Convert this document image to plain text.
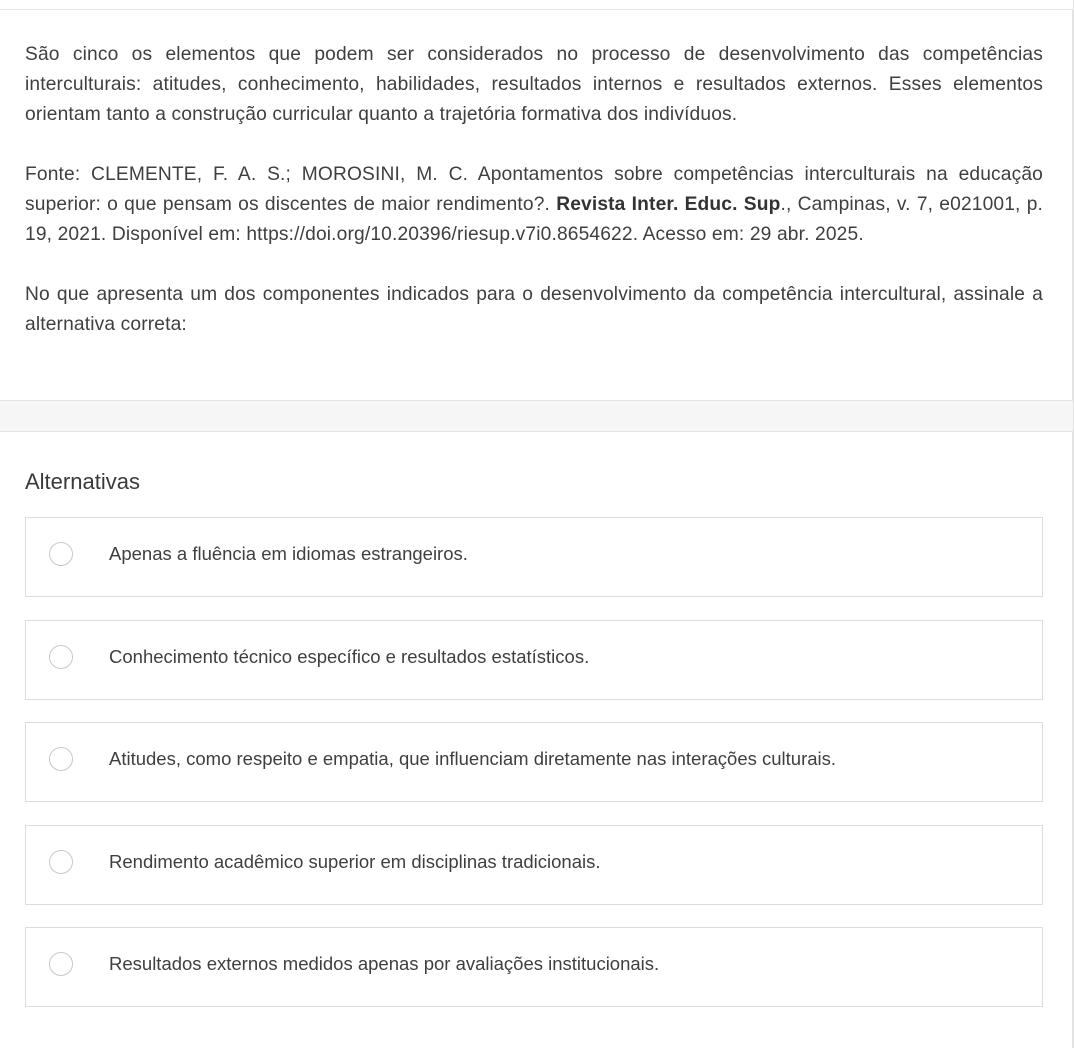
São cinco os elementos que podem ser considerados no processo de desenvolvimento das competências interculturais: atitudes, conhecimento, habilidades, resultados internos e resultados externos. Esses elementos orientam tanto a construção curricular quanto a trajetória formativa dos indivíduos.

Fonte: CLEMENTE, F. A. S.; MOROSINI, M. C. Apontamentos sobre competências interculturais na educação superior: o que pensam os discentes de maior rendimento?. Revista Inter. Educ. Sup., Campinas, v. 7, e021001, p. 19, 2021. Disponível em: https://doi.org/10.20396/riesup.v7i0.8654622. Acesso em: 29 abr. 2025.

No que apresenta um dos componentes indicados para o desenvolvimento da competência intercultural, assinale a alternativa correta:

Alternativas
Apenas a fluência em idiomas estrangeiros.
Conhecimento técnico específico e resultados estatísticos.
Atitudes, como respeito e empatia, que influenciam diretamente nas interações culturais.
Rendimento acadêmico superior em disciplinas tradicionais.
Resultados externos medidos apenas por avaliações institucionais.
